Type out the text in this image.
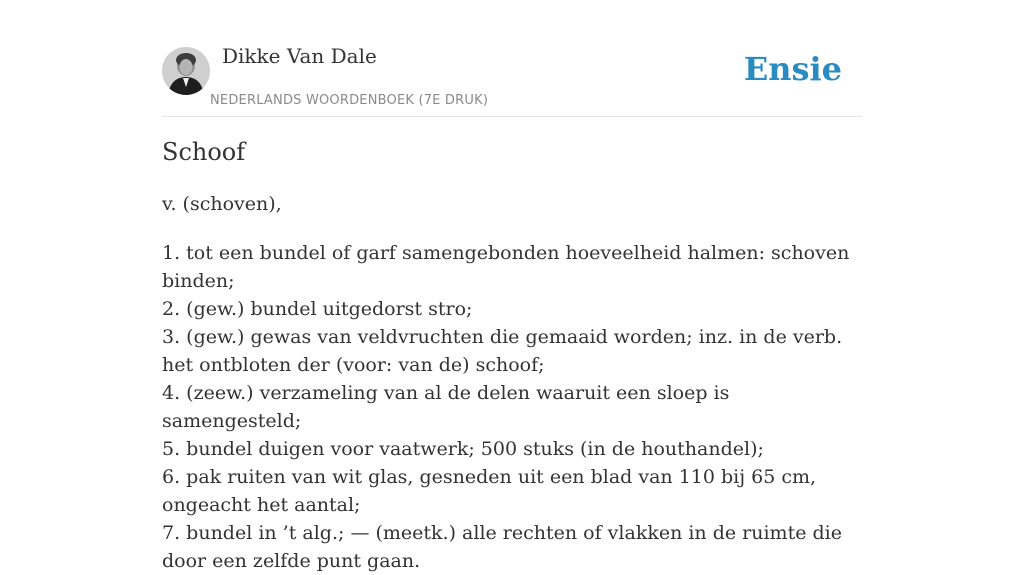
Dikke Van Dale
NEDERLANDS WOORDENBOEK (7E DRUK)
Ensie
Schoof
v. (schoven),
1. tot een bundel of garf samengebonden hoeveelheid halmen: schoven binden;
2. (gew.) bundel uitgedorst stro;
3. (gew.) gewas van veldvruchten die gemaaid worden; inz. in de verb. het ontbloten der (voor: van de) schoof;
4. (zeew.) verzameling van al de delen waaruit een sloep is samengesteld;
5. bundel duigen voor vaatwerk; 500 stuks (in de houthandel);
6. pak ruiten van wit glas, gesneden uit een blad van 110 bij 65 cm, ongeacht het aantal;
7. bundel in ’t alg.; — (meetk.) alle rechten of vlakken in de ruimte die door een zelfde punt gaan.
